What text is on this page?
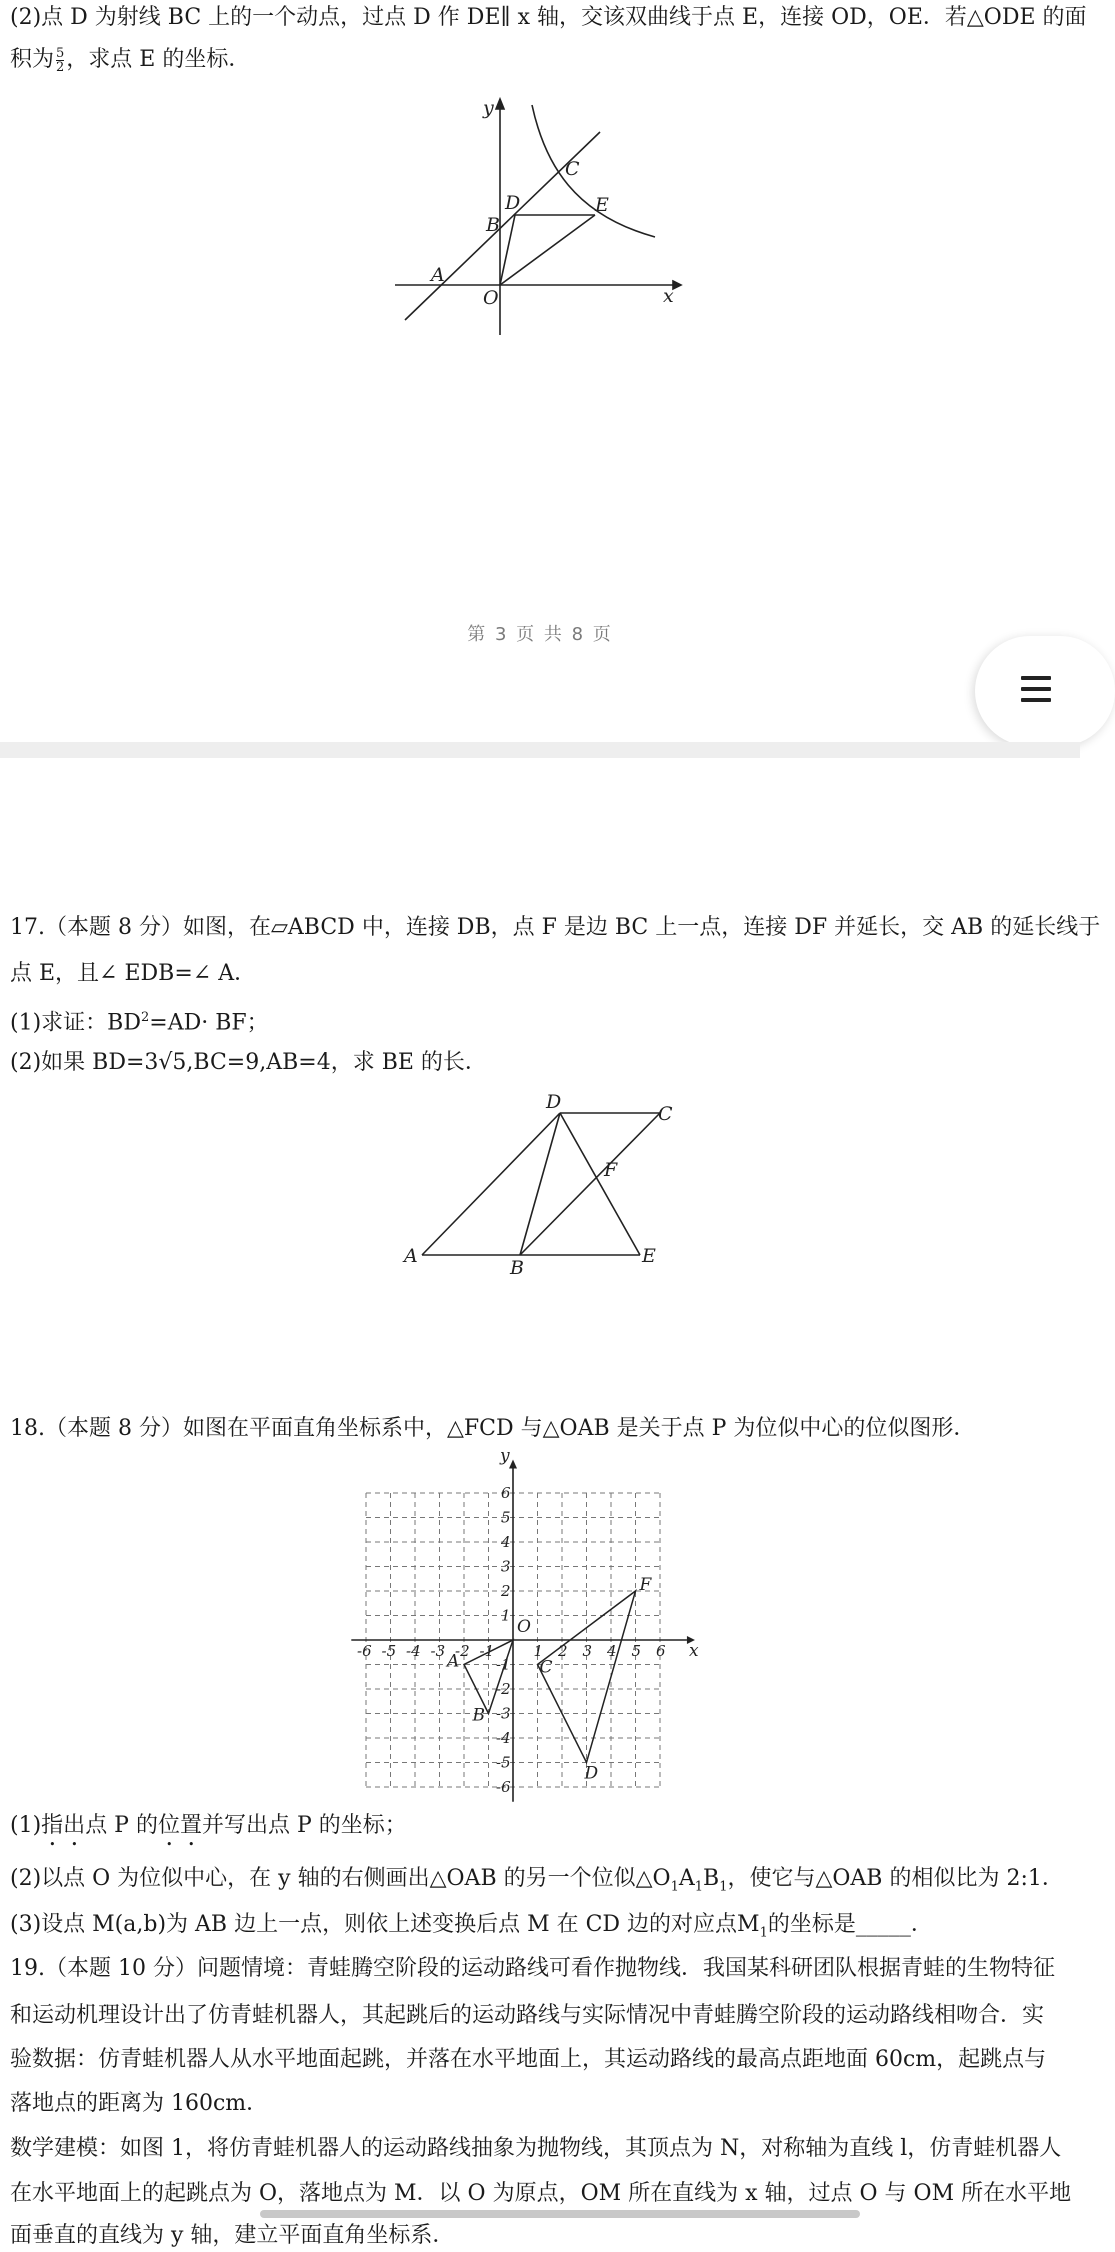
(2)点 D 为射线 BC 上的一个动点，过点 D 作 DE∥ x 轴，交该双曲线于点 E，连接 OD，OE．若△ODE 的面
积为 $\frac{5}{2}$ ，求点 E 的坐标．
y
x
C
D	E
B
A
O
第 3 页 共 8 页
17.（本题 8 分）如图，在▱ABCD 中，连接 DB，点 F 是边 BC 上一点，连接 DF 并延长，交 AB 的延长线于
点 E，且∠ EDB=∠ A．
(1)求证：$BD^2=AD\cdot$ BF；
(2)如果 BD=3√5,BC=9,AB=4，求 BE 的长．
D
C
F
A
B
E
18.（本题 8 分）如图在平面直角坐标系中，△FCD 与△OAB 是关于点 P 为位似中心的位似图形．
-6 -5 -4 -3 -2 -1	1 2 3 4 5 6
6
5
4
3
2
1
-1
-2
-3
-4
-5
-6
y
x
O
A
B
C
D
F
(1)指出点 P 的位置并写出点 P 的坐标；
(2)以点 O 为位似中心，在 y 轴的右侧画出△OAB 的另一个位似$\triangle O_1A_1B_1$，使它与△OAB 的相似比为 2:1．
(3)设点 M(a,b)为 AB 边上一点，则依上述变换后点 M 在 CD 边的对应点$M_1$的坐标是_____．
19.（本题 10 分）问题情境：青蛙腾空阶段的运动路线可看作抛物线．我国某科研团队根据青蛙的生物特征
和运动机理设计出了仿青蛙机器人，其起跳后的运动路线与实际情况中青蛙腾空阶段的运动路线相吻合．实
验数据：仿青蛙机器人从水平地面起跳，并落在水平地面上，其运动路线的最高点距地面 60cm，起跳点与
落地点的距离为 160cm．
数学建模：如图 1，将仿青蛙机器人的运动路线抽象为抛物线，其顶点为 N，对称轴为直线 l，仿青蛙机器人
在水平地面上的起跳点为 O，落地点为 M．以 O 为原点，OM 所在直线为 x 轴，过点 O 与 OM 所在水平地
面垂直的直线为 y 轴，建立平面直角坐标系．
